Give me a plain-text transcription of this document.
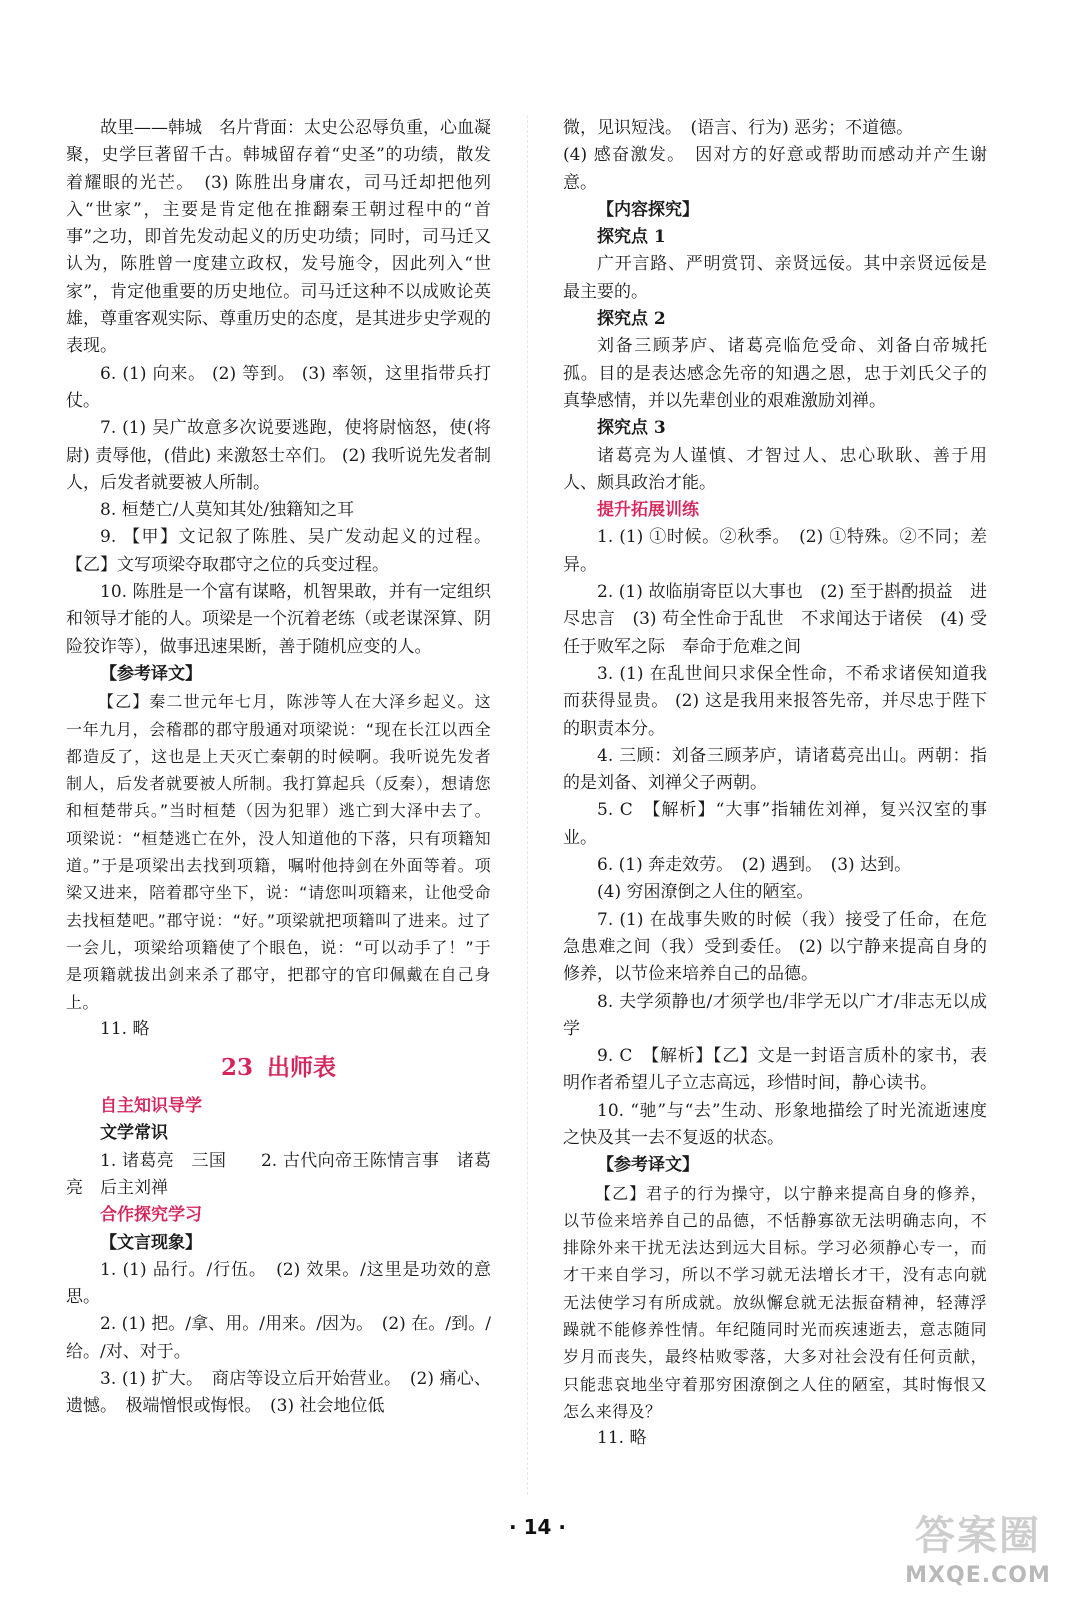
故里——韩城　名片背面：太史公忍辱负重，心血凝聚，史学巨著留千古。韩城留存着“史圣”的功绩，散发着耀眼的光芒。　(3) 陈胜出身庸农，司马迁却把他列入“世家”，主要是肯定他在推翻秦王朝过程中的“首事”之功，即首先发动起义的历史功绩；同时，司马迁又认为，陈胜曾一度建立政权，发号施令，因此列入“世家”，肯定他重要的历史地位。司马迁这种不以成败论英雄，尊重客观实际、尊重历史的态度，是其进步史学观的表现。

6. (1) 向来。 (2) 等到。 (3) 率领，这里指带兵打仗。

7. (1) 吴广故意多次说要逃跑，使将尉恼怒，使(将尉) 责辱他，(借此) 来激怒士卒们。 (2) 我听说先发者制人，后发者就要被人所制。

8. 桓楚亡/人莫知其处/独籍知之耳

9. 【甲】文记叙了陈胜、吴广发动起义的过程。【乙】文写项梁夺取郡守之位的兵变过程。

10. 陈胜是一个富有谋略，机智果敢，并有一定组织和领导才能的人。项梁是一个沉着老练（或老谋深算、阴险狡诈等），做事迅速果断，善于随机应变的人。

【参考译文】

【乙】秦二世元年七月，陈涉等人在大泽乡起义。这一年九月，会稽郡的郡守殷通对项梁说：“现在长江以西全都造反了，这也是上天灭亡秦朝的时候啊。我听说先发者制人，后发者就要被人所制。我打算起兵（反秦），想请您和桓楚带兵。”当时桓楚（因为犯罪）逃亡到大泽中去了。项梁说：“桓楚逃亡在外，没人知道他的下落，只有项籍知道。”于是项梁出去找到项籍，嘱咐他持剑在外面等着。项梁又进来，陪着郡守坐下，说：“请您叫项籍来，让他受命去找桓楚吧。”郡守说：“好。”项梁就把项籍叫了进来。过了一会儿，项梁给项籍使了个眼色，说：“可以动手了！”于是项籍就拔出剑来杀了郡守，把郡守的官印佩戴在自己身上。

11. 略

23 出师表

自主知识导学

文学常识

1. 诸葛亮　三国　　2. 古代向帝王陈情言事　诸葛亮　后主刘禅

合作探究学习

【文言现象】

1. (1) 品行。/行伍。　(2) 效果。/这里是功效的意思。

2. (1) 把。/拿、用。/用来。/因为。　(2) 在。/到。/给。/对、对于。

3. (1) 扩大。　商店等设立后开始营业。　(2) 痛心、遗憾。　极端憎恨或悔恨。　(3) 社会地位低

微，见识短浅。　(语言、行为) 恶劣；不道德。

(4) 感奋激发。　因对方的好意或帮助而感动并产生谢意。

【内容探究】

探究点 1

广开言路、严明赏罚、亲贤远佞。其中亲贤远佞是最主要的。

探究点 2

刘备三顾茅庐、诸葛亮临危受命、刘备白帝城托孤。目的是表达感念先帝的知遇之恩，忠于刘氏父子的真挚感情，并以先辈创业的艰难激励刘禅。

探究点 3

诸葛亮为人谨慎、才智过人、忠心耿耿、善于用人、颇具政治才能。

提升拓展训练

1. (1) ①时候。②秋季。　(2) ①特殊。②不同；差异。

2. (1) 故临崩寄臣以大事也　(2) 至于斟酌损益　进尽忠言　(3) 苟全性命于乱世　不求闻达于诸侯　(4) 受任于败军之际　奉命于危难之间

3. (1) 在乱世间只求保全性命，不希求诸侯知道我而获得显贵。 (2) 这是我用来报答先帝，并尽忠于陛下的职责本分。

4. 三顾：刘备三顾茅庐，请诸葛亮出山。两朝：指的是刘备、刘禅父子两朝。

5. C　【解析】“大事”指辅佐刘禅，复兴汉室的事业。

6. (1) 奔走效劳。　(2) 遇到。　(3) 达到。

(4) 穷困潦倒之人住的陋室。

7. (1) 在战事失败的时候（我）接受了任命，在危急患难之间（我）受到委任。 (2) 以宁静来提高自身的修养，以节俭来培养自己的品德。

8. 夫学须静也/才须学也/非学无以广才/非志无以成学

9. C　【解析】【乙】文是一封语言质朴的家书，表明作者希望儿子立志高远，珍惜时间，静心读书。

10. “驰”与“去”生动、形象地描绘了时光流逝速度之快及其一去不复返的状态。

【参考译文】

【乙】君子的行为操守，以宁静来提高自身的修养，以节俭来培养自己的品德，不恬静寡欲无法明确志向，不排除外来干扰无法达到远大目标。学习必须静心专一，而才干来自学习，所以不学习就无法增长才干，没有志向就无法使学习有所成就。放纵懈怠就无法振奋精神，轻薄浮躁就不能修养性情。年纪随同时光而疾速逝去，意志随同岁月而丧失，最终枯败零落，大多对社会没有任何贡献，只能悲哀地坐守着那穷困潦倒之人住的陋室，其时悔恨又怎么来得及？

11. 略

· 14 ·	答案圈
MXQE.COM
